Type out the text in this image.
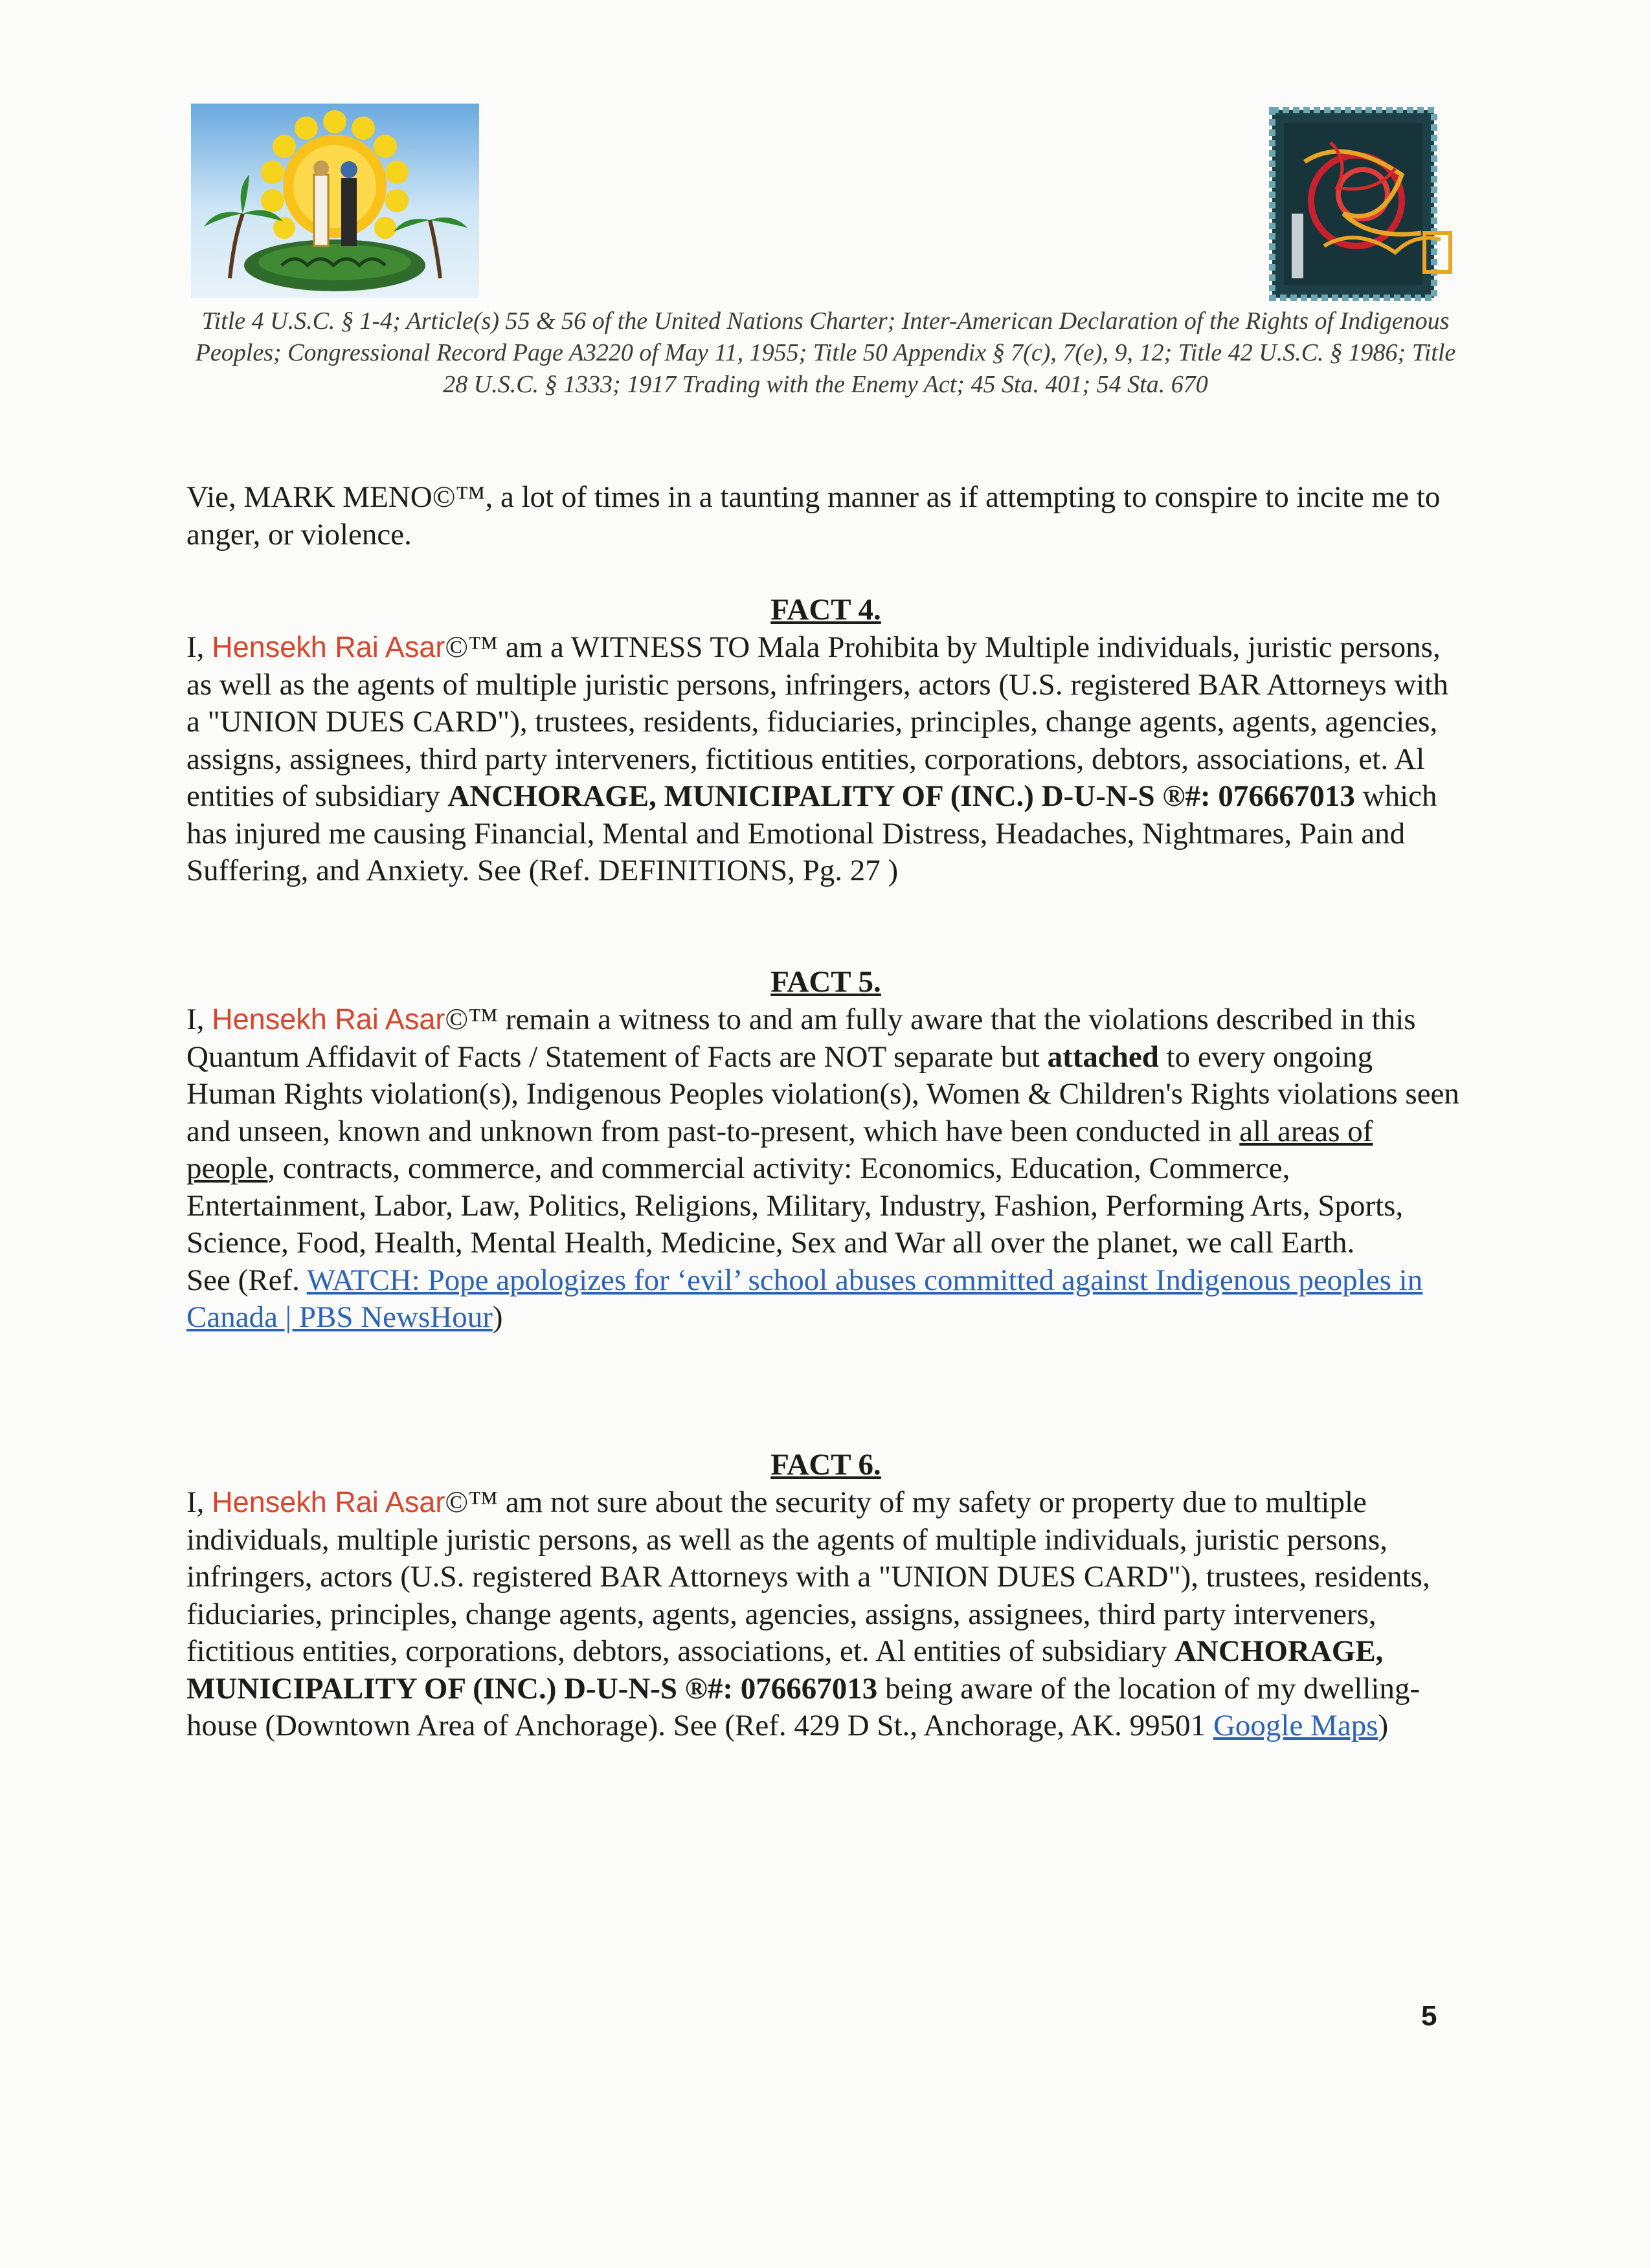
Title 4 U.S.C. § 1-4; Article(s) 55 & 56 of the United Nations Charter; Inter-American Declaration of the Rights of Indigenous Peoples; Congressional Record Page A3220 of May 11, 1955; Title 50 Appendix § 7(c), 7(e), 9, 12; Title 42 U.S.C. § 1986; Title 28 U.S.C. § 1333; 1917 Trading with the Enemy Act; 45 Sta. 401; 54 Sta. 670
Vie, MARK MENO©™, a lot of times in a taunting manner as if attempting to conspire to incite me to anger, or violence.
FACT 4.
I, Hensekh Rai Asar©™ am a WITNESS TO Mala Prohibita by Multiple individuals, juristic persons, as well as the agents of multiple juristic persons, infringers, actors (U.S. registered BAR Attorneys with a "UNION DUES CARD"), trustees, residents, fiduciaries, principles, change agents, agents, agencies, assigns, assignees, third party interveners, fictitious entities, corporations, debtors, associations, et. Al entities of subsidiary ANCHORAGE, MUNICIPALITY OF (INC.) D-U-N-S ®#: 076667013 which has injured me causing Financial, Mental and Emotional Distress, Headaches, Nightmares, Pain and Suffering, and Anxiety. See (Ref. DEFINITIONS, Pg. 27 )
FACT 5.
I, Hensekh Rai Asar©™ remain a witness to and am fully aware that the violations described in this Quantum Affidavit of Facts / Statement of Facts are NOT separate but attached to every ongoing Human Rights violation(s), Indigenous Peoples violation(s), Women & Children's Rights violations seen and unseen, known and unknown from past-to-present, which have been conducted in all areas of people, contracts, commerce, and commercial activity: Economics, Education, Commerce, Entertainment, Labor, Law, Politics, Religions, Military, Industry, Fashion, Performing Arts, Sports, Science, Food, Health, Mental Health, Medicine, Sex and War all over the planet, we call Earth.
See (Ref. WATCH: Pope apologizes for ‘evil’ school abuses committed against Indigenous peoples in Canada | PBS NewsHour)
FACT 6.
I, Hensekh Rai Asar©™ am not sure about the security of my safety or property due to multiple individuals, multiple juristic persons, as well as the agents of multiple individuals, juristic persons, infringers, actors (U.S. registered BAR Attorneys with a "UNION DUES CARD"), trustees, residents, fiduciaries, principles, change agents, agents, agencies, assigns, assignees, third party interveners, fictitious entities, corporations, debtors, associations, et. Al entities of subsidiary ANCHORAGE, MUNICIPALITY OF (INC.) D-U-N-S ®#: 076667013 being aware of the location of my dwelling-house (Downtown Area of Anchorage). See (Ref. 429 D St., Anchorage, AK. 99501 Google Maps)
5
